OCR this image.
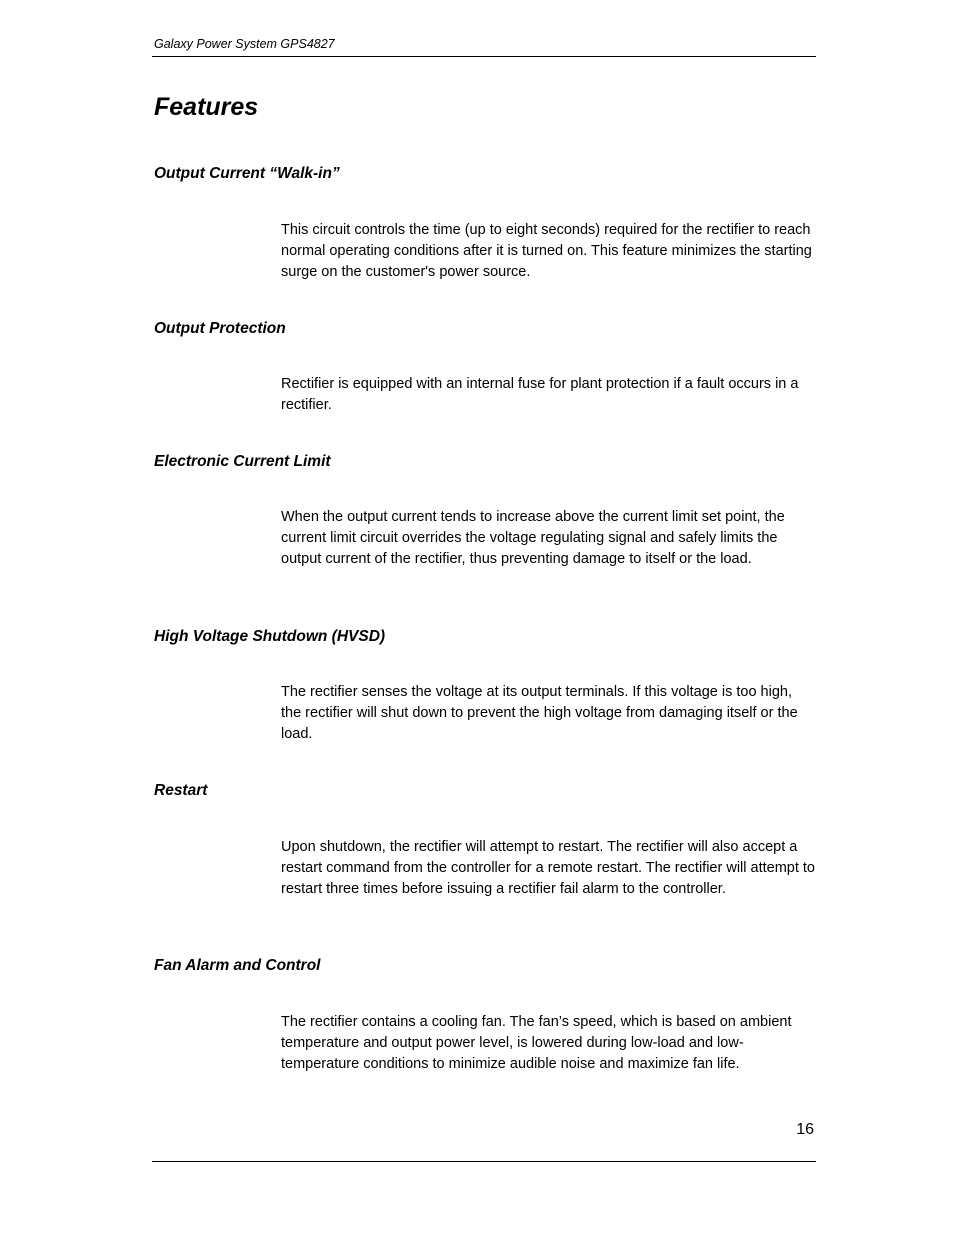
Galaxy Power System GPS4827
Features
Output Current “Walk-in”

This circuit controls the time (up to eight seconds) required for the rectifier to reach normal operating conditions after it is turned on. This feature minimizes the starting surge on the customer's power source.

Output Protection

Rectifier is equipped with an internal fuse for plant protection if a fault occurs in a rectifier.

Electronic Current Limit

When the output current tends to increase above the current limit set point, the current limit circuit overrides the voltage regulating signal and safely limits the output current of the rectifier, thus preventing damage to itself or the load.

High Voltage Shutdown (HVSD)

The rectifier senses the voltage at its output terminals. If this voltage is too high, the rectifier will shut down to prevent the high voltage from damaging itself or the load.

Restart

Upon shutdown, the rectifier will attempt to restart. The rectifier will also accept a restart command from the controller for a remote restart. The rectifier will attempt to restart three times before issuing a rectifier fail alarm to the controller.

Fan Alarm and Control

The rectifier contains a cooling fan. The fan’s speed, which is based on ambient temperature and output power level, is lowered during low-load and low-temperature conditions to minimize audible noise and maximize fan life.

16
